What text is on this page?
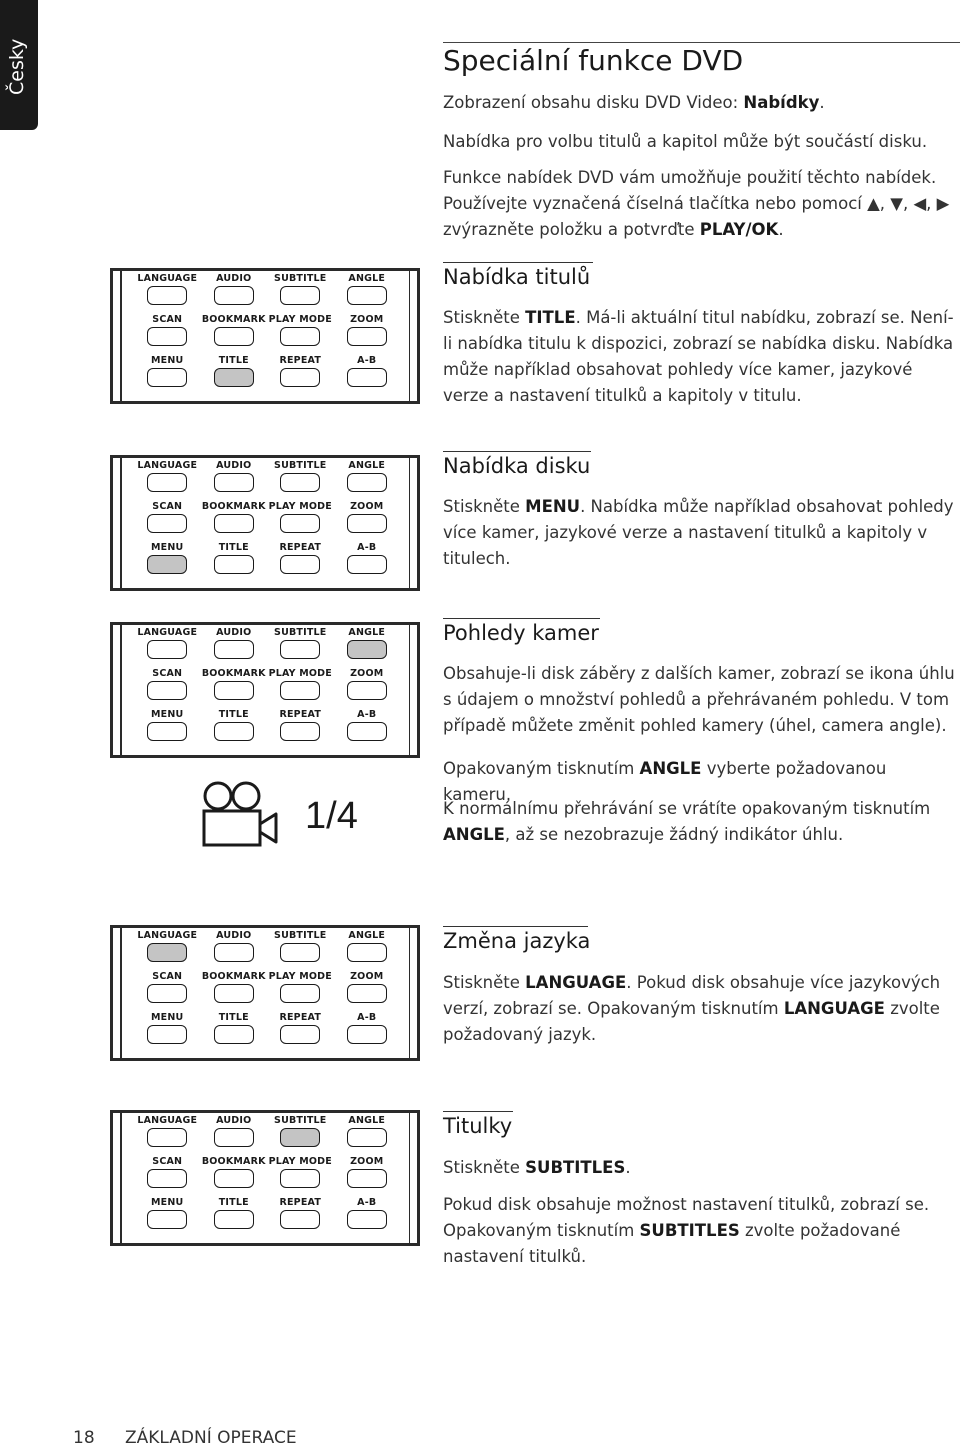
Česky	Speciální funkce DVD

Zobrazení obsahu disku DVD Video: Nabídky.

Nabídka pro volbu titulů a kapitol může být součástí disku.

Funkce nabídek DVD vám umožňuje použití těchto nabídek. Používejte vyznačená číselná tlačítka nebo pomocí ▲, ▼, ◀, ▶ zvýrazněte položku a potvrďte PLAY/OK.

LANGUAGE AUDIO SUBTITLE ANGLE
SCAN BOOKMARK PLAY MODE ZOOM
MENU	TITLE	REPEAT	A-B
Nabídka titulů

Stiskněte TITLE. Má-li aktuální titul nabídku, zobrazí se. Není-li nabídka titulu k dispozici, zobrazí se nabídka disku. Nabídka může například obsahovat pohledy více kamer, jazykové verze a nastavení titulků a kapitoly v titulu.

LANGUAGE AUDIO SUBTITLE ANGLE
SCAN BOOKMARK PLAY MODE ZOOM
MENU	TITLE	REPEAT	A-B
Nabídka disku

Stiskněte MENU. Nabídka může například obsahovat pohledy více kamer, jazykové verze a nastavení titulků a kapitoly v titulech.

LANGUAGE AUDIO SUBTITLE ANGLE
SCAN BOOKMARK PLAY MODE ZOOM
MENU	TITLE	REPEAT	A-B
Pohledy kamer

Obsahuje-li disk záběry z dalších kamer, zobrazí se ikona úhlu s údajem o množství pohledů a přehrávaném pohledu. V tom případě můžete změnit pohled kamery (úhel, camera angle).

Opakovaným tisknutím ANGLE vyberte požadovanou kameru.

K normálnímu přehrávání se vrátíte opakovaným tisknutím ANGLE, až se nezobrazuje žádný indikátor úhlu.

1/4
LANGUAGE AUDIO SUBTITLE ANGLE
SCAN BOOKMARK PLAY MODE ZOOM
MENU	TITLE	REPEAT	A-B
Změna jazyka

Stiskněte LANGUAGE. Pokud disk obsahuje více jazykových verzí, zobrazí se. Opakovaným tisknutím LANGUAGE zvolte požadovaný jazyk.

LANGUAGE AUDIO SUBTITLE ANGLE
SCAN BOOKMARK PLAY MODE ZOOM
MENU	TITLE	REPEAT	A-B
Titulky

Stiskněte SUBTITLES.

Pokud disk obsahuje možnost nastavení titulků, zobrazí se. Opakovaným tisknutím SUBTITLES zvolte požadované nastavení titulků.

18 ZÁKLADNÍ OPERACE
